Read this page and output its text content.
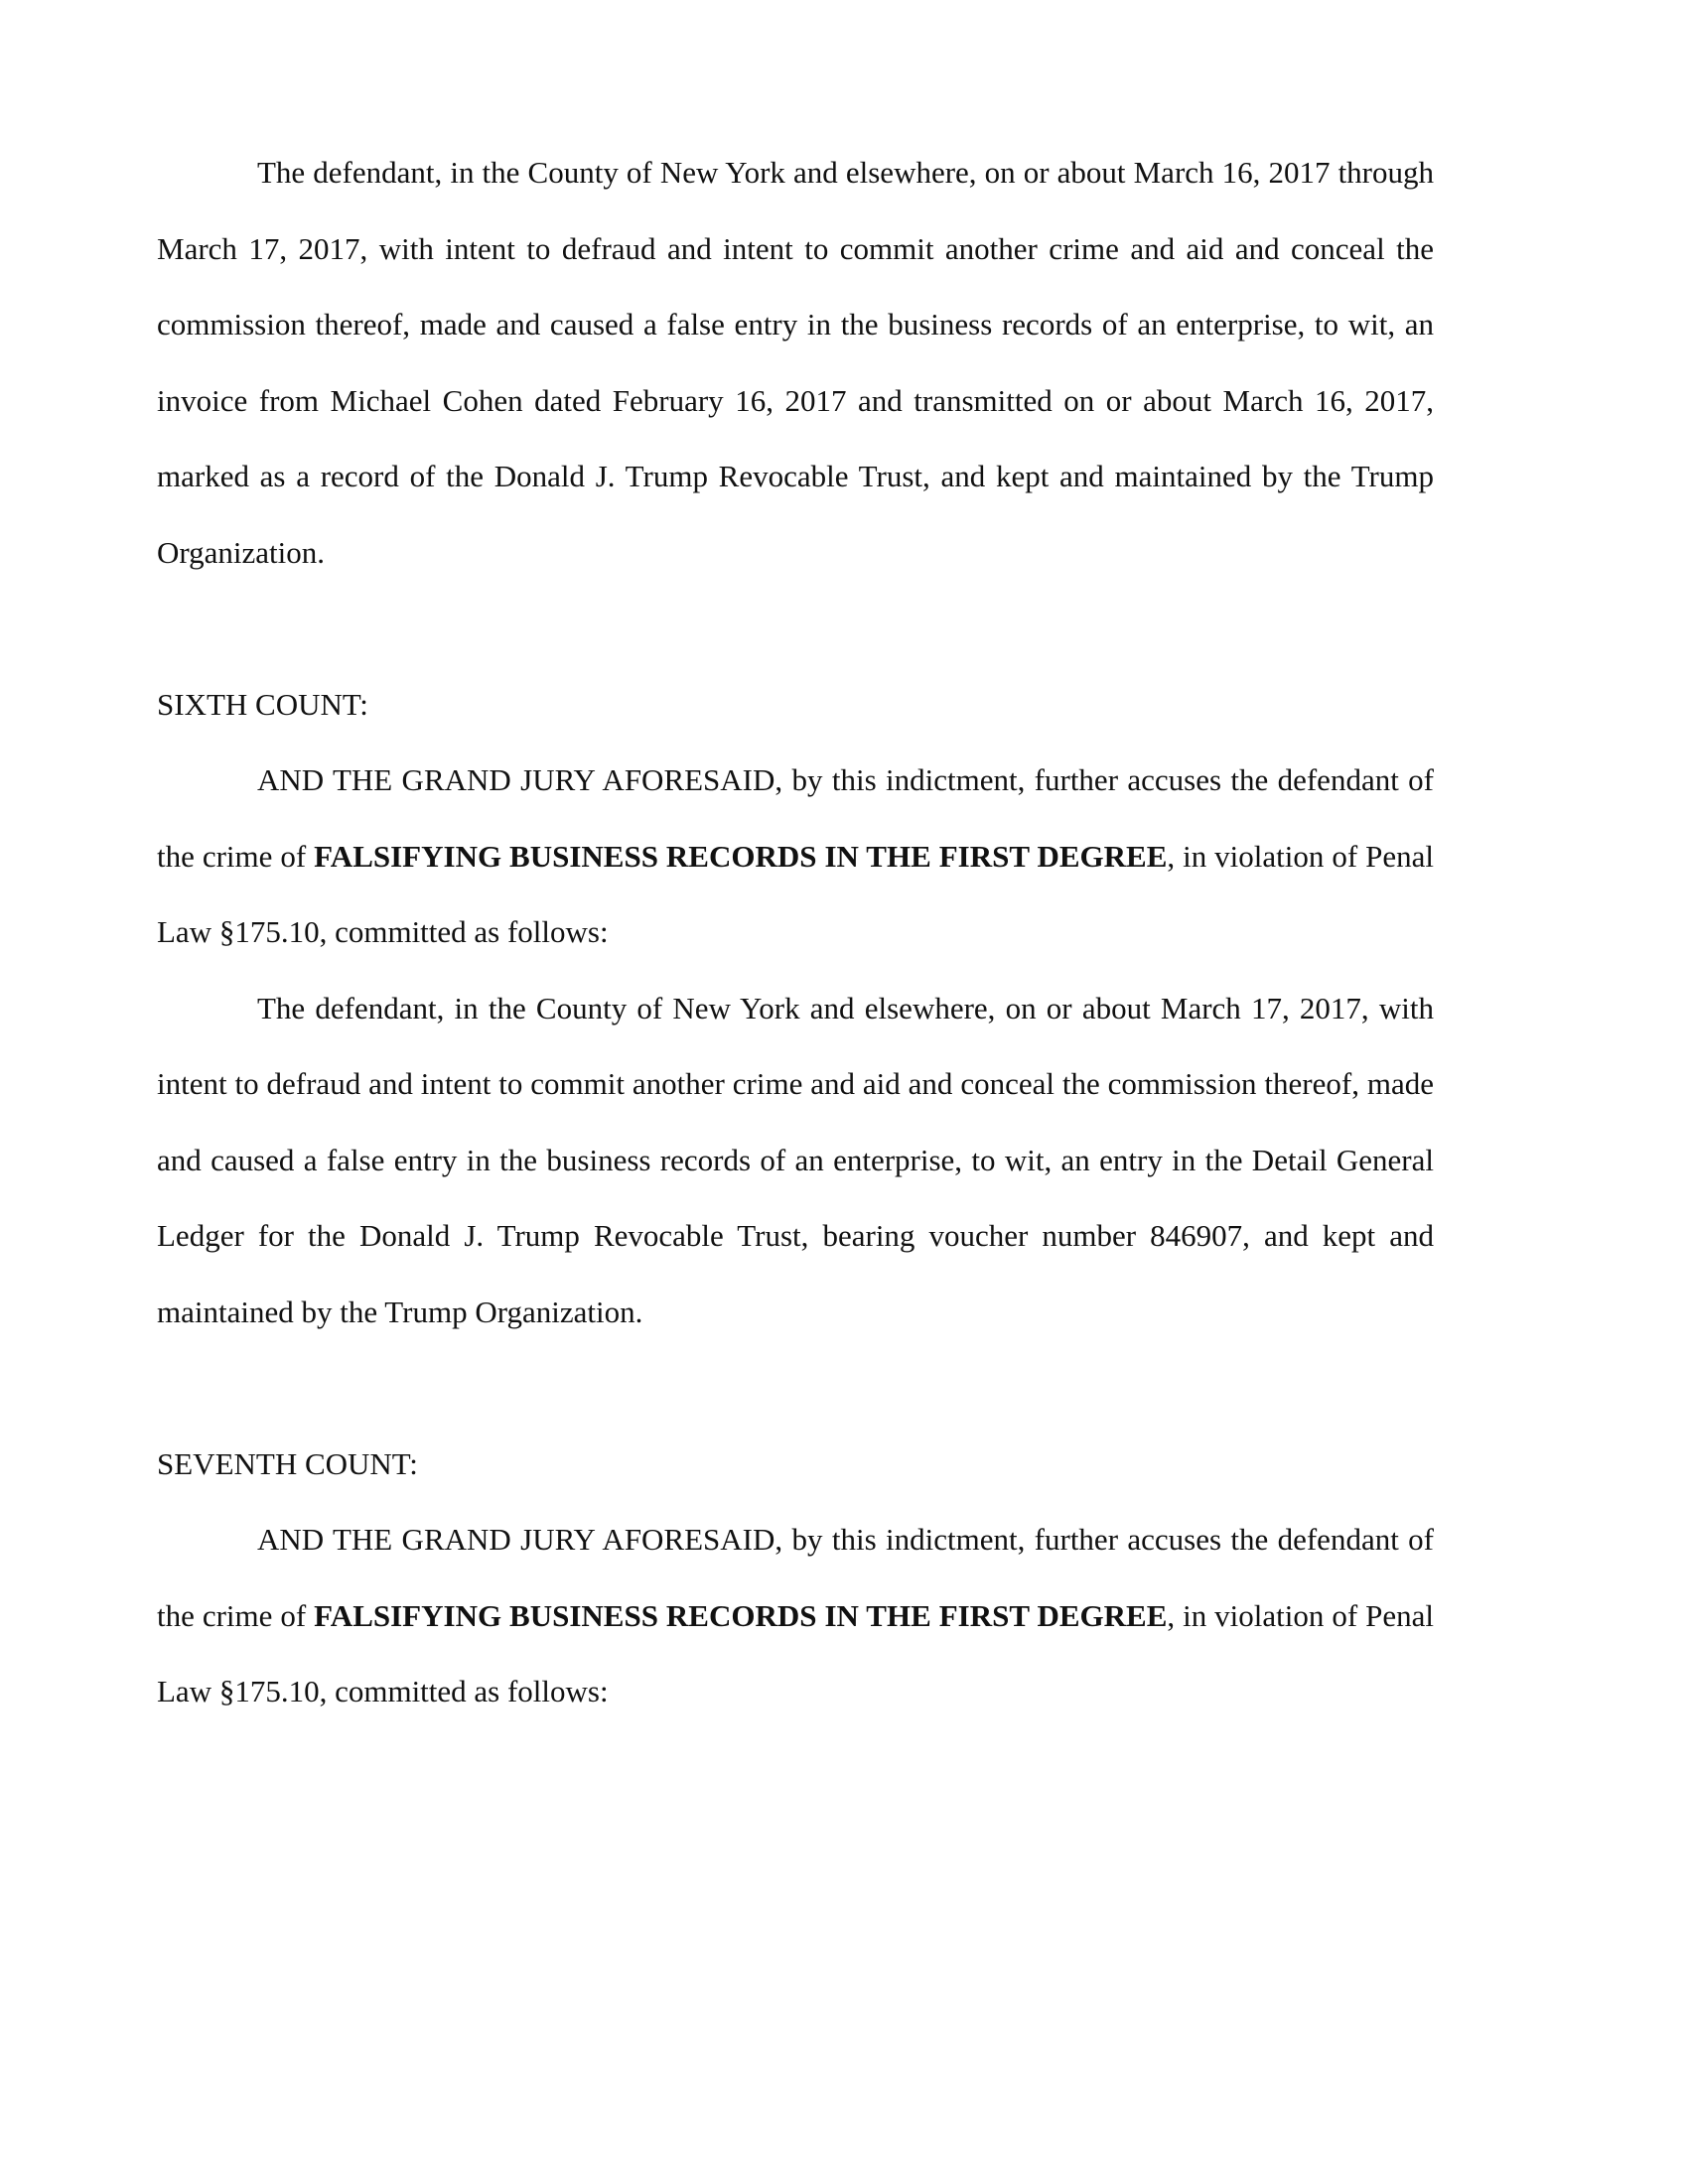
The defendant, in the County of New York and elsewhere, on or about March 16, 2017 through March 17, 2017, with intent to defraud and intent to commit another crime and aid and conceal the commission thereof, made and caused a false entry in the business records of an enterprise, to wit, an invoice from Michael Cohen dated February 16, 2017 and transmitted on or about March 16, 2017, marked as a record of the Donald J. Trump Revocable Trust, and kept and maintained by the Trump Organization.

SIXTH COUNT:

AND THE GRAND JURY AFORESAID, by this indictment, further accuses the defendant of the crime of FALSIFYING BUSINESS RECORDS IN THE FIRST DEGREE, in violation of Penal Law §175.10, committed as follows:

The defendant, in the County of New York and elsewhere, on or about March 17, 2017, with intent to defraud and intent to commit another crime and aid and conceal the commission thereof, made and caused a false entry in the business records of an enterprise, to wit, an entry in the Detail General Ledger for the Donald J. Trump Revocable Trust, bearing voucher number 846907, and kept and maintained by the Trump Organization.

SEVENTH COUNT:

AND THE GRAND JURY AFORESAID, by this indictment, further accuses the defendant of the crime of FALSIFYING BUSINESS RECORDS IN THE FIRST DEGREE, in violation of Penal Law §175.10, committed as follows:
